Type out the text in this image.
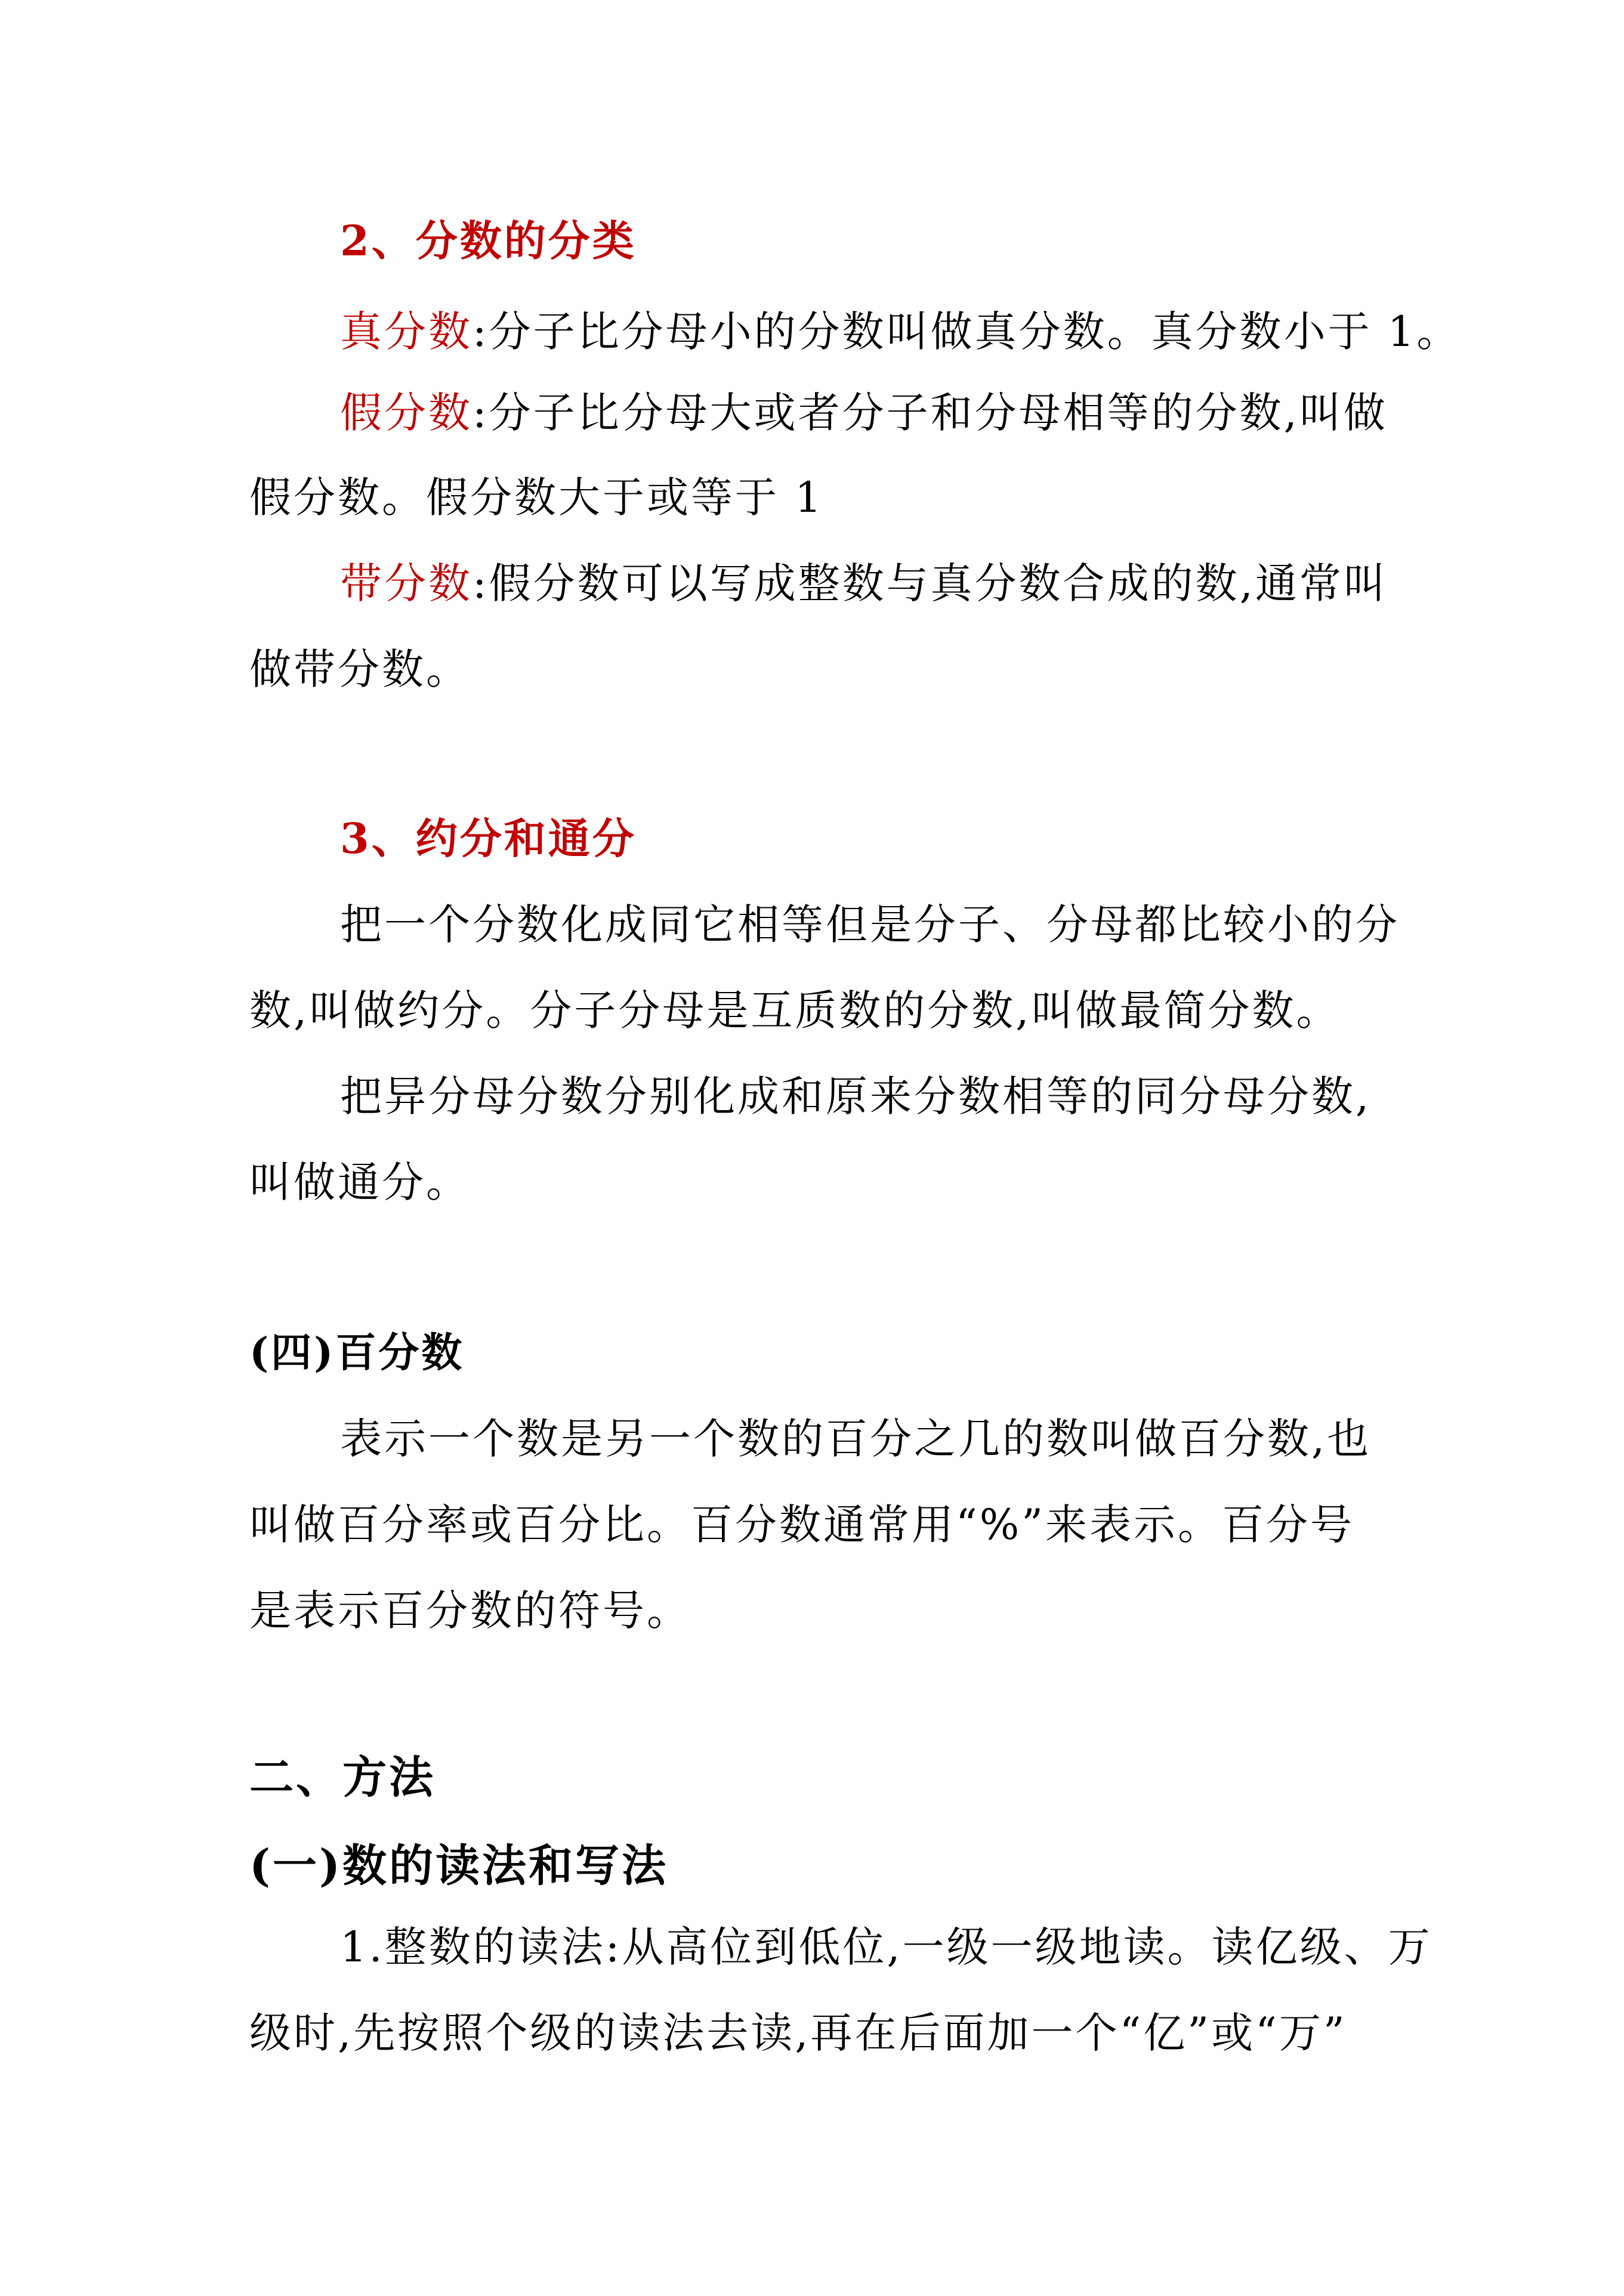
2、分数的分类
真分数:分子比分母小的分数叫做真分数。真分数小于 1。
假分数:分子比分母大或者分子和分母相等的分数,叫做
假分数。假分数大于或等于 1
带分数:假分数可以写成整数与真分数合成的数,通常叫
做带分数。
3、约分和通分
把一个分数化成同它相等但是分子、分母都比较小的分
数,叫做约分。分子分母是互质数的分数,叫做最简分数。
把异分母分数分别化成和原来分数相等的同分母分数,
叫做通分。
(四)百分数
表示一个数是另一个数的百分之几的数叫做百分数,也
叫做百分率或百分比。百分数通常用“%”来表示。百分号
是表示百分数的符号。
二、方法
(一)数的读法和写法
1.整数的读法:从高位到低位,一级一级地读。读亿级、万
级时,先按照个级的读法去读,再在后面加一个“亿”或“万”
